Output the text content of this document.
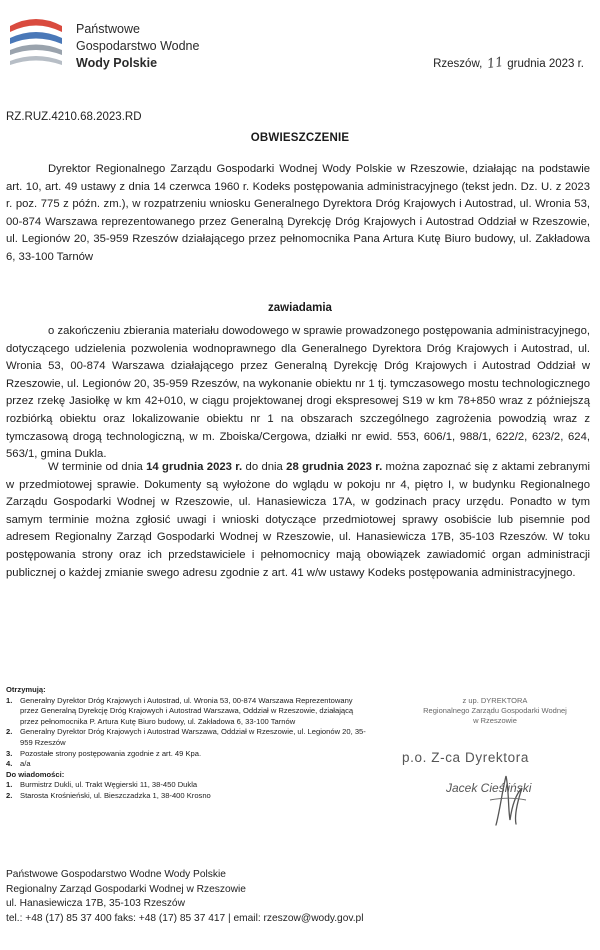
Państwowe
Gospodarstwo Wodne
Wody Polskie	Rzeszów, 11 grudnia 2023 r.
RZ.RUZ.4210.68.2023.RD
OBWIESZCZENIE

Dyrektor Regionalnego Zarządu Gospodarki Wodnej Wody Polskie w Rzeszowie, działając na podstawie art. 10, art. 49 ustawy z dnia 14 czerwca 1960 r. Kodeks postępowania administracyjnego (tekst jedn. Dz. U. z 2023 r. poz. 775 z późn. zm.), w rozpatrzeniu wniosku Generalnego Dyrektora Dróg Krajowych i Autostrad, ul. Wronia 53, 00-874 Warszawa reprezentowanego przez Generalną Dyrekcję Dróg Krajowych i Autostrad Oddział w Rzeszowie, ul. Legionów 20, 35-959 Rzeszów działającego przez pełnomocnika Pana Artura Kutę Biuro budowy, ul. Zakładowa 6, 33-100 Tarnów

zawiadamia

o zakończeniu zbierania materiału dowodowego w sprawie prowadzonego postępowania administracyjnego, dotyczącego udzielenia pozwolenia wodnoprawnego dla Generalnego Dyrektora Dróg Krajowych i Autostrad, ul. Wronia 53, 00-874 Warszawa działającego przez Generalną Dyrekcję Dróg Krajowych i Autostrad Oddział w Rzeszowie, ul. Legionów 20, 35-959 Rzeszów, na wykonanie obiektu nr 1 tj. tymczasowego mostu technologicznego przez rzekę Jasiołkę w km 42+010, w ciągu projektowanej drogi ekspresowej S19 w km 78+850 wraz z późniejszą rozbiórką obiektu oraz lokalizowanie obiektu nr 1 na obszarach szczególnego zagrożenia powodzią wraz z tymczasową drogą technologiczną, w m. Zboiska/Cergowa, działki nr ewid. 553, 606/1, 988/1, 622/2, 623/2, 624, 563/1, gmina Dukla.

W terminie od dnia 14 grudnia 2023 r. do dnia 28 grudnia 2023 r. można zapoznać się z aktami zebranymi w przedmiotowej sprawie. Dokumenty są wyłożone do wglądu w pokoju nr 4, piętro I, w budynku Regionalnego Zarządu Gospodarki Wodnej w Rzeszowie, ul. Hanasiewicza 17A, w godzinach pracy urzędu. Ponadto w tym samym terminie można zgłosić uwagi i wnioski dotyczące przedmiotowej sprawy osobiście lub pisemnie pod adresem Regionalny Zarząd Gospodarki Wodnej w Rzeszowie, ul. Hanasiewicza 17B, 35-103 Rzeszów. W toku postępowania strony oraz ich przedstawiciele i pełnomocnicy mają obowiązek zawiadomić organ administracji publicznej o każdej zmianie swego adresu zgodnie z art. 41 w/w ustawy Kodeks postępowania administracyjnego.

Otrzymują:
1. Generalny Dyrektor Dróg Krajowych i Autostrad, ul. Wronia 53, 00-874 Warszawa Reprezentowany przez Generalną Dyrekcję Dróg Krajowych i Autostrad Warszawa, Oddział w Rzeszowie, działającą przez pełnomocnika P. Artura Kutę Biuro budowy, ul. Zakładowa 6, 33-100 Tarnów
2. Generalny Dyrektor Dróg Krajowych i Autostrad Warszawa, Oddział w Rzeszowie, ul. Legionów 20, 35-959 Rzeszów
3. Pozostałe strony postępowania zgodnie z art. 49 Kpa.
4. a/a
Do wiadomości:
1. Burmistrz Dukli, ul. Trakt Węgierski 11, 38-450 Dukla
2. Starosta Krośnieński, ul. Bieszczadzka 1, 38-400 Krosno
z up. DYREKTORA
Regionalnego Zarządu Gospodarki Wodnej
w Rzeszowie
p.o. Z-ca Dyrektora
Jacek Cieśliński
Państwowe Gospodarstwo Wodne Wody Polskie
Regionalny Zarząd Gospodarki Wodnej w Rzeszowie
ul. Hanasiewicza 17B, 35-103 Rzeszów
tel.: +48 (17) 85 37 400 faks: +48 (17) 85 37 417 | email: rzeszow@wody.gov.pl
